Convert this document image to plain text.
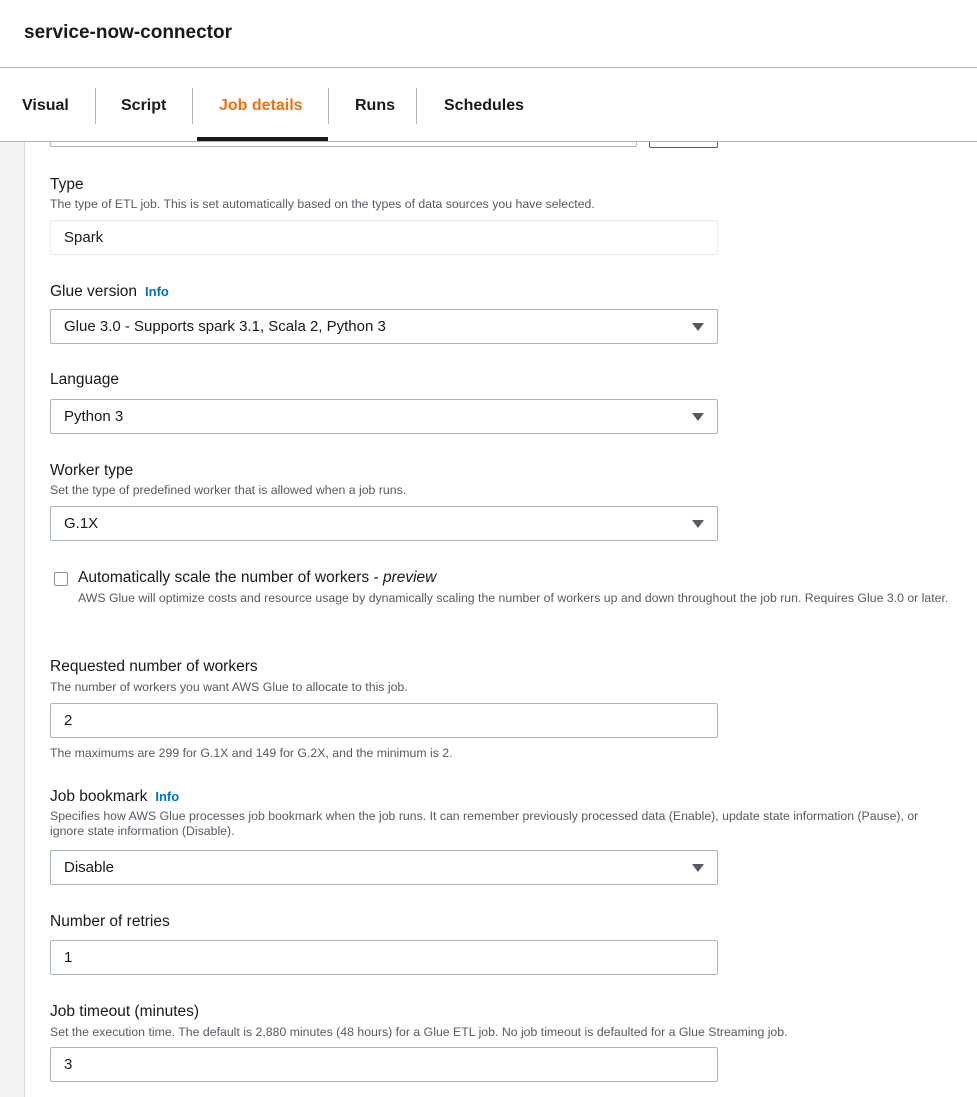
service-now-connector
Visual	Script	Job details	Runs	Schedules
Type
The type of ETL job. This is set automatically based on the types of data sources you have selected.
Spark
Glue version Info
Glue 3.0 - Supports spark 3.1, Scala 2, Python 3
Language
Python 3
Worker type
Set the type of predefined worker that is allowed when a job runs.
G.1X
Automatically scale the number of workers - preview
AWS Glue will optimize costs and resource usage by dynamically scaling the number of workers up and down throughout the job run. Requires Glue 3.0 or later.
Requested number of workers
The number of workers you want AWS Glue to allocate to this job.
2
The maximums are 299 for G.1X and 149 for G.2X, and the minimum is 2.
Job bookmark Info
Specifies how AWS Glue processes job bookmark when the job runs. It can remember previously processed data (Enable), update state information (Pause), or ignore state information (Disable).
Disable
Number of retries
1
Job timeout (minutes)
Set the execution time. The default is 2,880 minutes (48 hours) for a Glue ETL job. No job timeout is defaulted for a Glue Streaming job.
3
